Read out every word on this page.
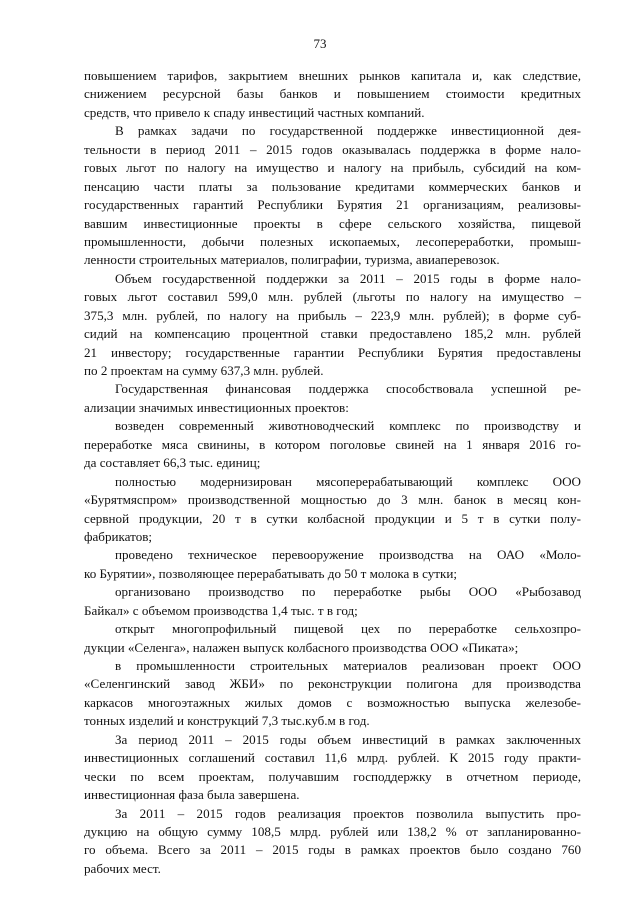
73
повышением тарифов, закрытием внешних рынков капитала и, как следствие,
снижением ресурсной базы банков и повышением стоимости кредитных
средств, что привело к спаду инвестиций частных компаний.
В рамках задачи по государственной поддержке инвестиционной дея-
тельности в период 2011 – 2015 годов оказывалась поддержка в форме нало-
говых льгот по налогу на имущество и налогу на прибыль, субсидий на ком-
пенсацию части платы за пользование кредитами коммерческих банков и
государственных гарантий Республики Бурятия 21 организациям, реализовы-
вавшим инвестиционные проекты в сфере сельского хозяйства, пищевой
промышленности, добычи полезных ископаемых, лесопереработки, промыш-
ленности строительных материалов, полиграфии, туризма, авиаперевозок.
Объем государственной поддержки за 2011 – 2015 годы в форме нало-
говых льгот составил 599,0 млн. рублей (льготы по налогу на имущество –
375,3 млн. рублей, по налогу на прибыль – 223,9 млн. рублей); в форме суб-
сидий на компенсацию процентной ставки предоставлено 185,2 млн. рублей
21 инвестору; государственные гарантии Республики Бурятия предоставлены
по 2 проектам на сумму 637,3 млн. рублей.
Государственная финансовая поддержка способствовала успешной ре-
ализации значимых инвестиционных проектов:
возведен современный животноводческий комплекс по производству и
переработке мяса свинины, в котором поголовье свиней на 1 января 2016 го-
да составляет 66,3 тыс. единиц;
полностью модернизирован мясоперерабатывающий комплекс ООО
«Бурятмяспром» производственной мощностью до 3 млн. банок в месяц кон-
сервной продукции, 20 т в сутки колбасной продукции и 5 т в сутки полу-
фабрикатов;
проведено техническое перевооружение производства на ОАО «Моло-
ко Бурятии», позволяющее перерабатывать до 50 т молока в сутки;
организовано производство по переработке рыбы ООО «Рыбозавод
Байкал» с объемом производства 1,4 тыс. т в год;
открыт многопрофильный пищевой цех по переработке сельхозпро-
дукции «Селенга», налажен выпуск колбасного производства ООО «Пиката»;
в промышленности строительных материалов реализован проект ООО
«Селенгинский завод ЖБИ» по реконструкции полигона для производства
каркасов многоэтажных жилых домов с возможностью выпуска железобе-
тонных изделий и конструкций 7,3 тыс.куб.м в год.
За период 2011 – 2015 годы объем инвестиций в рамках заключенных
инвестиционных соглашений составил 11,6 млрд. рублей. К 2015 году практи-
чески по всем проектам, получавшим господдержку в отчетном периоде,
инвестиционная фаза была завершена.
За 2011 – 2015 годов реализация проектов позволила выпустить про-
дукцию на общую сумму 108,5 млрд. рублей или 138,2 % от запланированно-
го объема. Всего за 2011 – 2015 годы в рамках проектов было создано 760
рабочих мест.
